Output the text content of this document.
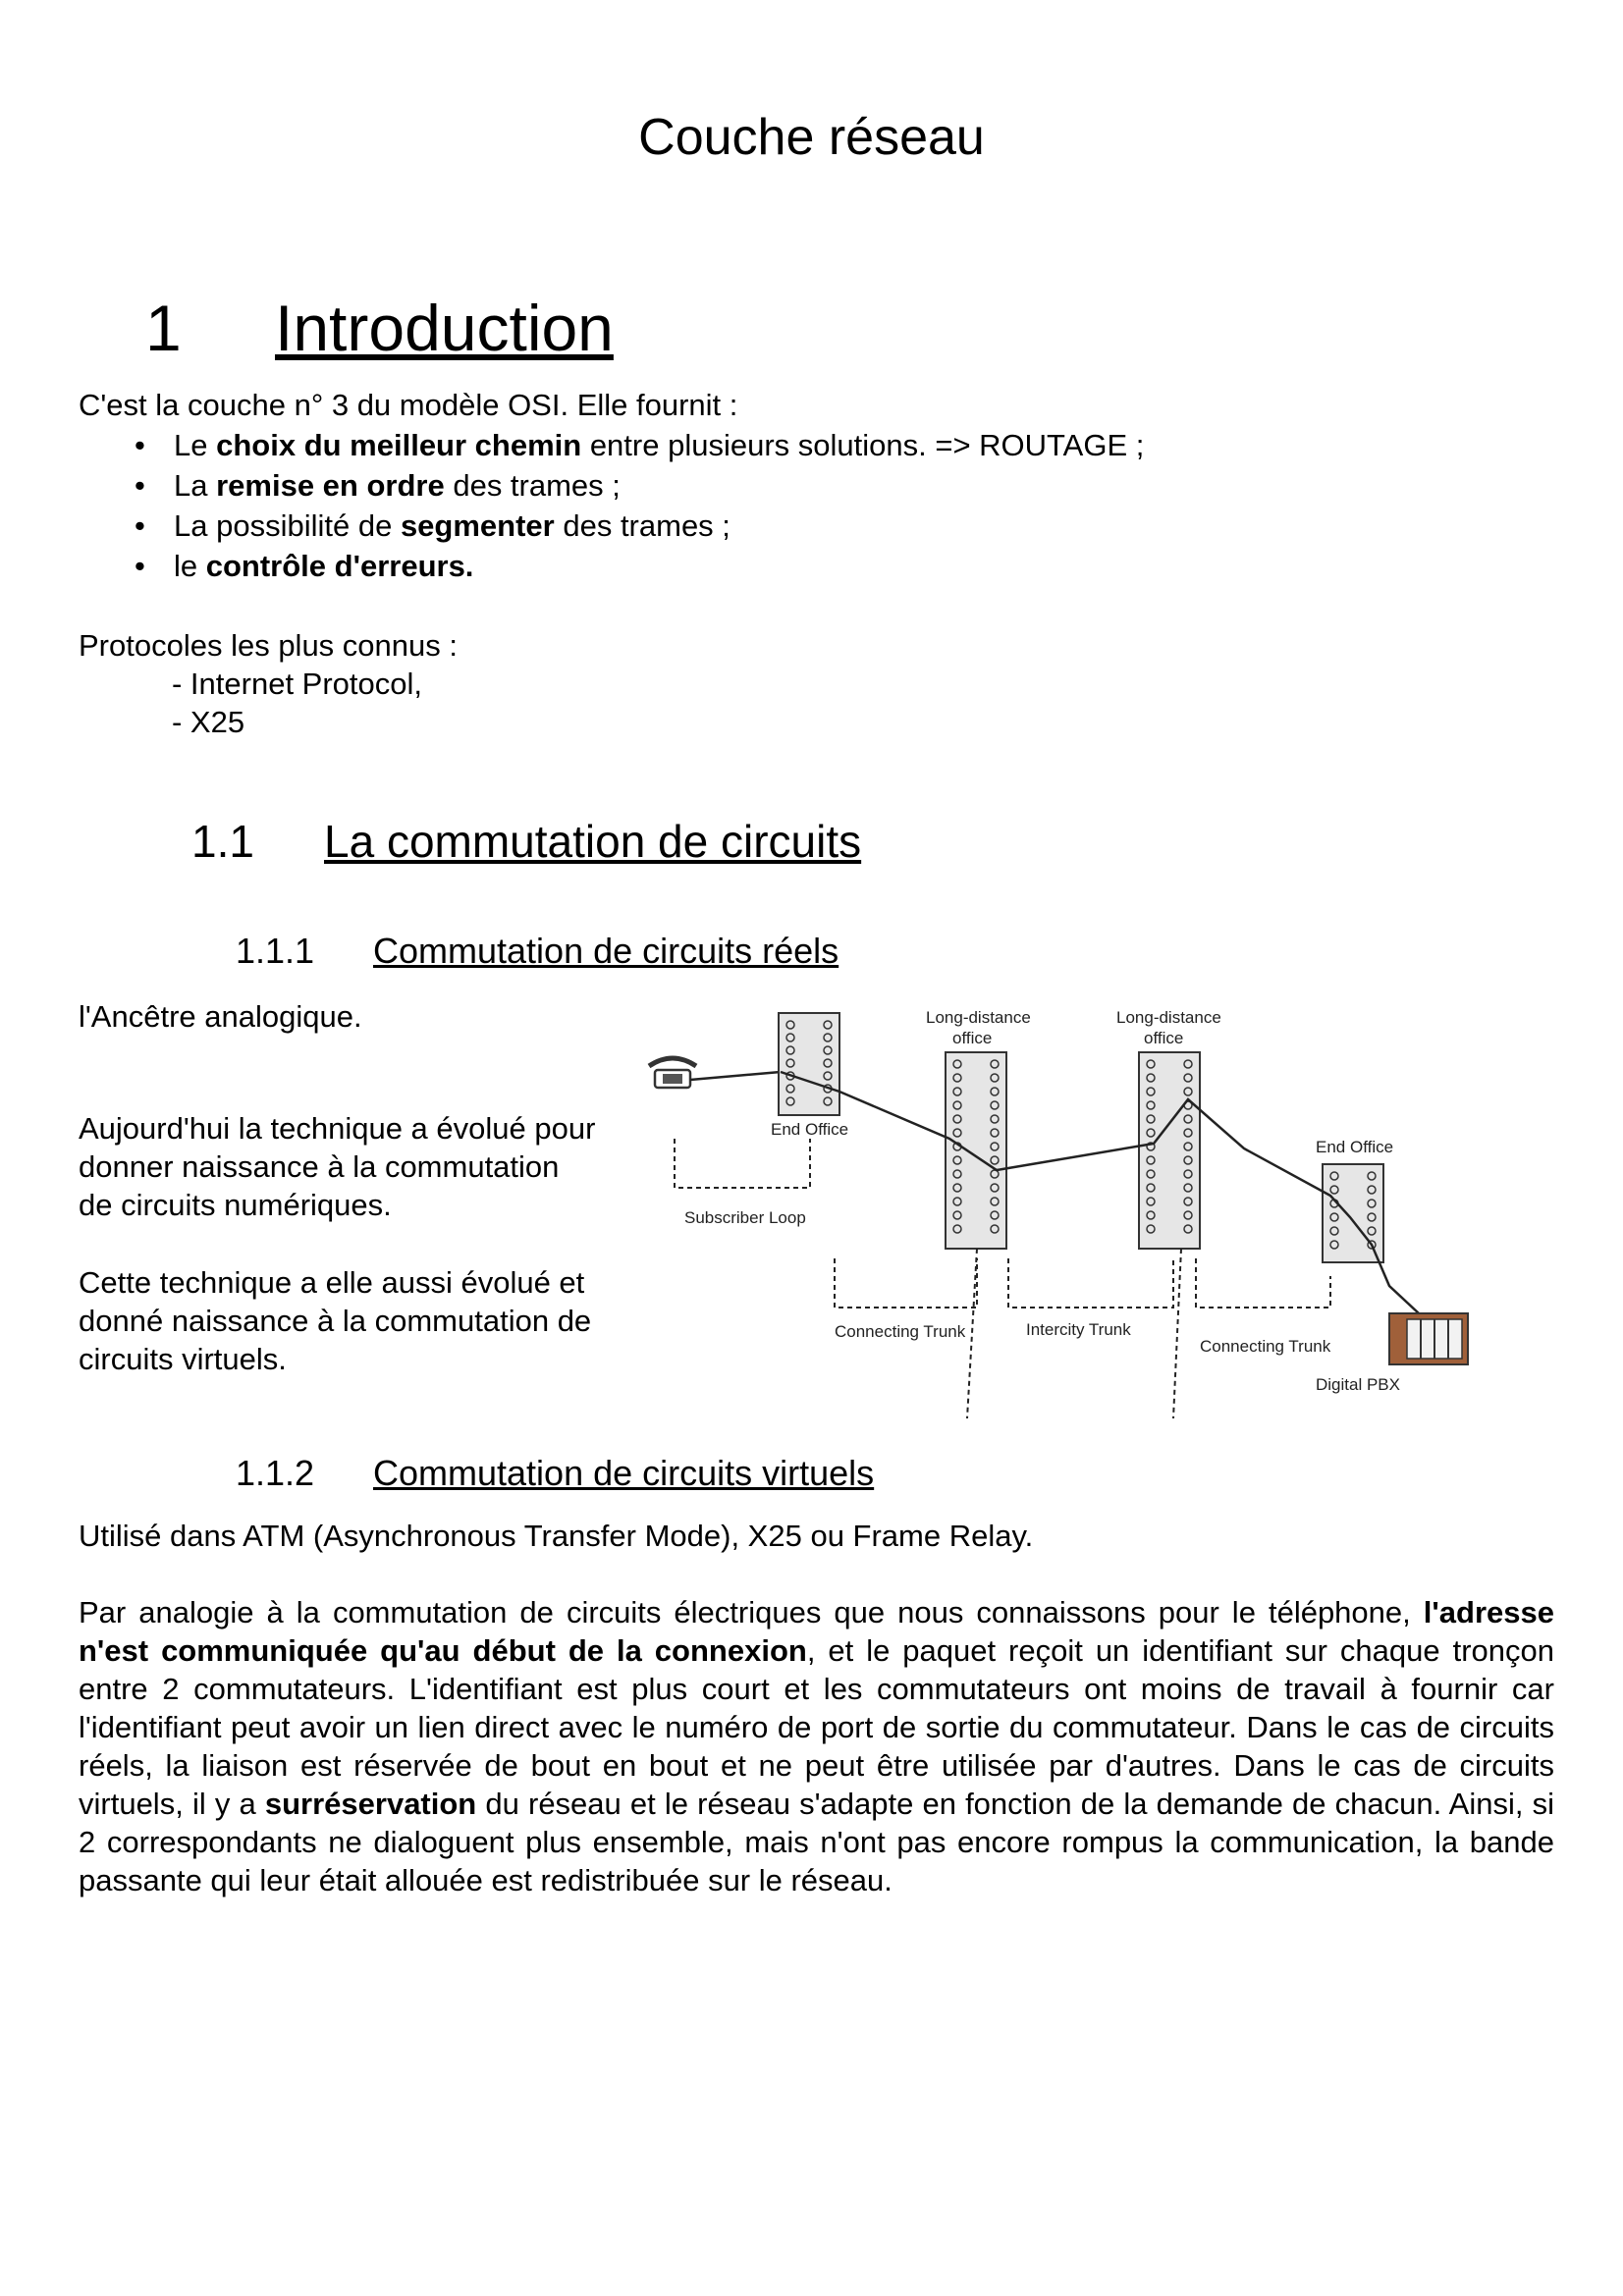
Couche réseau
1 Introduction
C'est la couche n° 3 du modèle OSI. Elle fournit :
• Le choix du meilleur chemin entre plusieurs solutions. => ROUTAGE ;
• La remise en ordre des trames ;
• La possibilité de segmenter des trames ;
• le contrôle d'erreurs.
Protocoles les plus connus :
- Internet Protocol,
- X25
1.1 La commutation de circuits
1.1.1 Commutation de circuits réels
l'Ancêtre analogique.
Aujourd'hui la technique a évolué pour
donner naissance à la commutation
de circuits numériques.
Cette technique a elle aussi évolué et
donné naissance à la commutation de
circuits virtuels.
End Office
Long-distance
office
Long-distance
office
End Office
Digital PBX
Subscriber Loop
Connecting Trunk	Intercity Trunk
Connecting Trunk
1.1.2 Commutation de circuits virtuels
Utilisé dans ATM (Asynchronous Transfer Mode), X25 ou Frame Relay.
Par analogie à la commutation de circuits électriques que nous connaissons pour le téléphone, l'adresse n'est communiquée qu'au début de la connexion, et le paquet reçoit un identifiant sur chaque tronçon entre 2 commutateurs. L'identifiant est plus court et les commutateurs ont moins de travail à fournir car l'identifiant peut avoir un lien direct avec le numéro de port de sortie du commutateur. Dans le cas de circuits réels, la liaison est réservée de bout en bout et ne peut être utilisée par d'autres. Dans le cas de circuits virtuels, il y a surréservation du réseau et le réseau s'adapte en fonction de la demande de chacun. Ainsi, si 2 correspondants ne dialoguent plus ensemble, mais n'ont pas encore rompus la communication, la bande passante qui leur était allouée est redistribuée sur le réseau.
